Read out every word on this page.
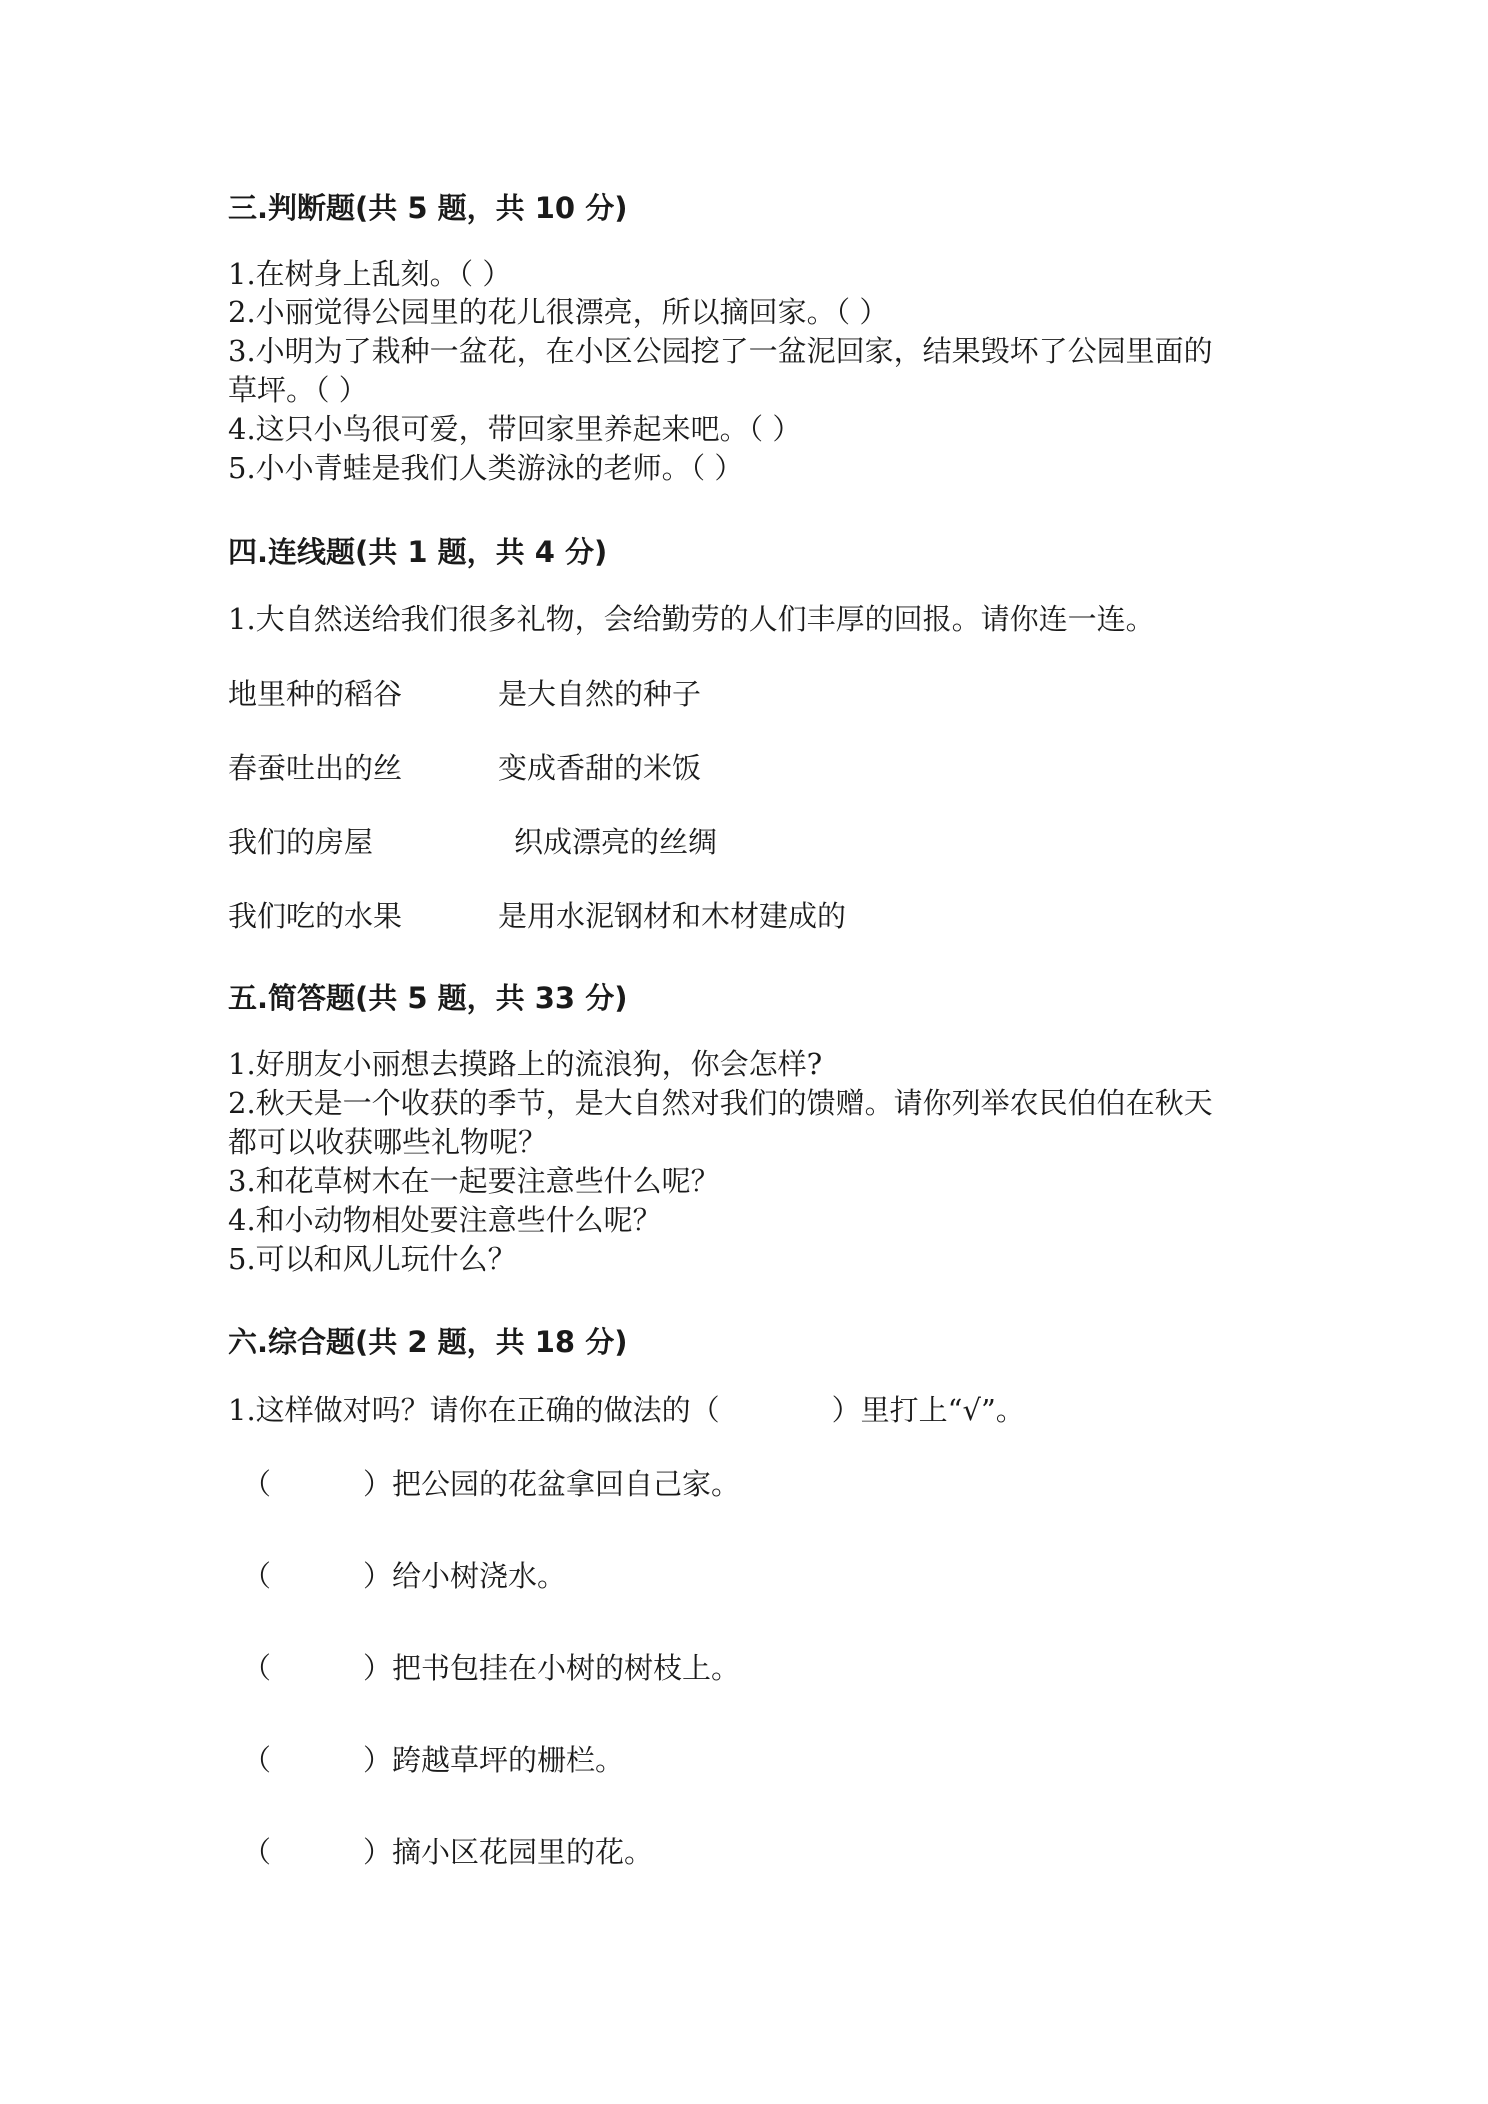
三.判断题(共 5 题，共 10 分)
1.在树身上乱刻。（ ）
2.小丽觉得公园里的花儿很漂亮，所以摘回家。（ ）
3.小明为了栽种一盆花，在小区公园挖了一盆泥回家，结果毁坏了公园里面的
草坪。（ ）
4.这只小鸟很可爱，带回家里养起来吧。（ ）
5.小小青蛙是我们人类游泳的老师。（ ）
四.连线题(共 1 题，共 4 分)
1.大自然送给我们很多礼物，会给勤劳的人们丰厚的回报。请你连一连。
地里种的稻谷	是大自然的种子
春蚕吐出的丝	变成香甜的米饭
我们的房屋	织成漂亮的丝绸
我们吃的水果	是用水泥钢材和木材建成的
五.简答题(共 5 题，共 33 分)
1.好朋友小丽想去摸路上的流浪狗，你会怎样?
2.秋天是一个收获的季节，是大自然对我们的馈赠。请你列举农民伯伯在秋天
都可以收获哪些礼物呢？
3.和花草树木在一起要注意些什么呢？
4.和小动物相处要注意些什么呢？
5.可以和风儿玩什么？
六.综合题(共 2 题，共 18 分)
1.这样做对吗？请你在正确的做法的（	）里打上“√”。
（	） 把公园的花盆拿回自己家。
（	） 给小树浇水。
（	） 把书包挂在小树的树枝上。
（	） 跨越草坪的栅栏。
（	） 摘小区花园里的花。
